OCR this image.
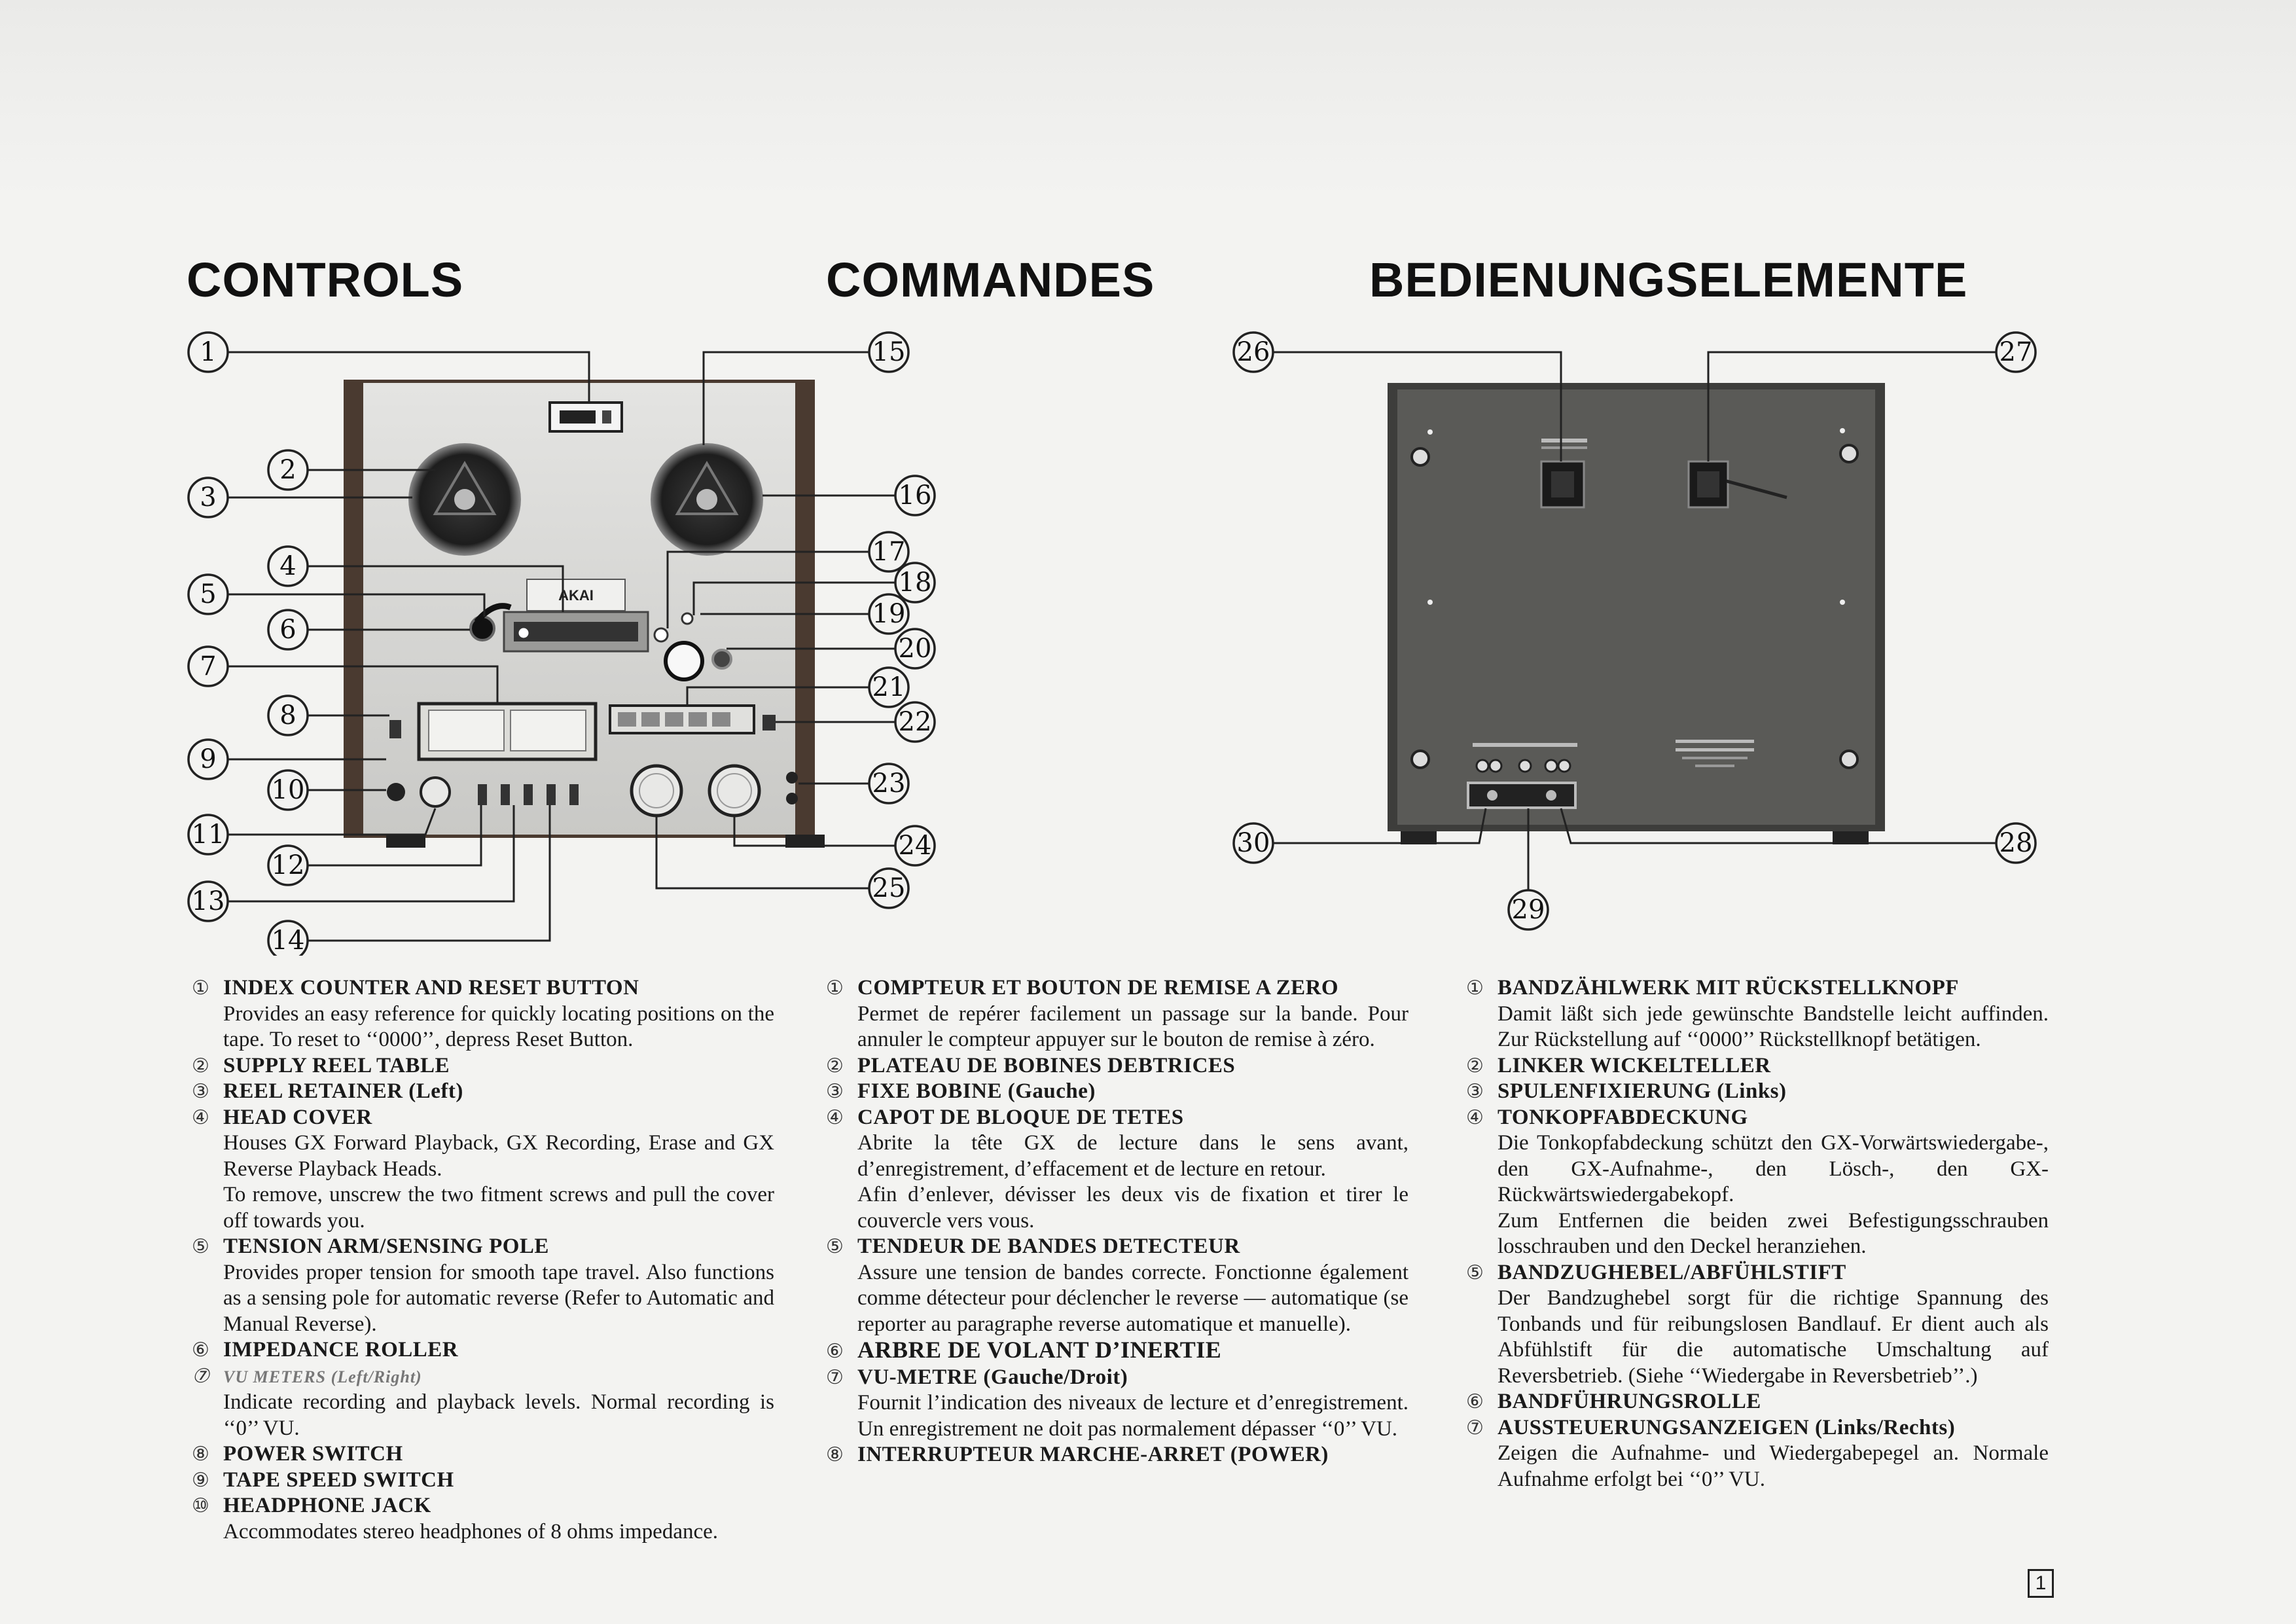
CONTROLS	COMMANDES	BEDIENUNGSELEMENTE
AKAI
1
2
3
4
5
6
7
8
9
10
11
12
13
14
15
16
17
18
19
20
21
22
23
24
25
26	27
28
29
30
① INDEX COUNTER AND RESET BUTTON

Provides an easy reference for quickly locating positions on the tape. To reset to ‘‘0000’’, depress Reset Button.

② SUPPLY REEL TABLE
③ REEL RETAINER (Left)
④ HEAD COVER

Houses GX Forward Playback, GX Recording, Erase and GX Reverse Playback Heads.

To remove, unscrew the two fitment screws and pull the cover off towards you.

⑤ TENSION ARM/SENSING POLE

Provides proper tension for smooth tape travel. Also functions as a sensing pole for automatic reverse (Refer to Automatic and Manual Reverse).

⑥ IMPEDANCE ROLLER
⑦ VU METERS (Left/Right)

Indicate recording and playback levels. Normal recording is ‘‘0’’ VU.

⑧ POWER SWITCH
⑨ TAPE SPEED SWITCH
⑩ HEADPHONE JACK

Accommodates stereo headphones of 8 ohms impedance.

① COMPTEUR ET BOUTON DE REMISE A ZERO

Permet de repérer facilement un passage sur la bande. Pour annuler le compteur appuyer sur le bouton de remise à zéro.

② PLATEAU DE BOBINES DEBTRICES
③ FIXE BOBINE (Gauche)
④ CAPOT DE BLOQUE DE TETES

Abrite la tête GX de lecture dans le sens avant, d’enregistrement, d’effacement et de lecture en retour.

Afin d’enlever, dévisser les deux vis de fixation et tirer le couvercle vers vous.

⑤ TENDEUR DE BANDES DETECTEUR

Assure une tension de bandes correcte. Fonctionne également comme détecteur pour déclencher le reverse — automatique (se reporter au paragraphe reverse automatique et manuelle).

⑥ ARBRE DE VOLANT D’INERTIE
⑦ VU-METRE (Gauche/Droit)

Fournit l’indication des niveaux de lecture et d’enregistrement. Un enregistrement ne doit pas normalement dépasser ‘‘0’’ VU.

⑧ INTERRUPTEUR MARCHE-ARRET (POWER)
① BANDZÄHLWERK MIT RÜCKSTELLKNOPF

Damit läßt sich jede gewünschte Bandstelle leicht auffinden. Zur Rückstellung auf ‘‘0000’’ Rückstellknopf betätigen.

② LINKER WICKELTELLER
③ SPULENFIXIERUNG (Links)
④ TONKOPFABDECKUNG

Die Tonkopfabdeckung schützt den GX-Vorwärtswiedergabe-, den GX-Aufnahme-, den Lösch-, den GX-Rückwärtswiedergabekopf.

Zum Entfernen die beiden zwei Befestigungsschrauben losschrauben und den Deckel heranziehen.

⑤ BANDZUGHEBEL/ABFÜHLSTIFT

Der Bandzughebel sorgt für die richtige Spannung des Tonbands und für reibungslosen Bandlauf. Er dient auch als Abfühlstift für die automatische Umschaltung auf Reversbetrieb. (Siehe ‘‘Wiedergabe in Reversbetrieb’’.)

⑥ BANDFÜHRUNGSROLLE
⑦ AUSSTEUERUNGSANZEIGEN (Links/Rechts)

Zeigen die Aufnahme- und Wiedergabepegel an. Normale Aufnahme erfolgt bei ‘‘0’’ VU.

1
